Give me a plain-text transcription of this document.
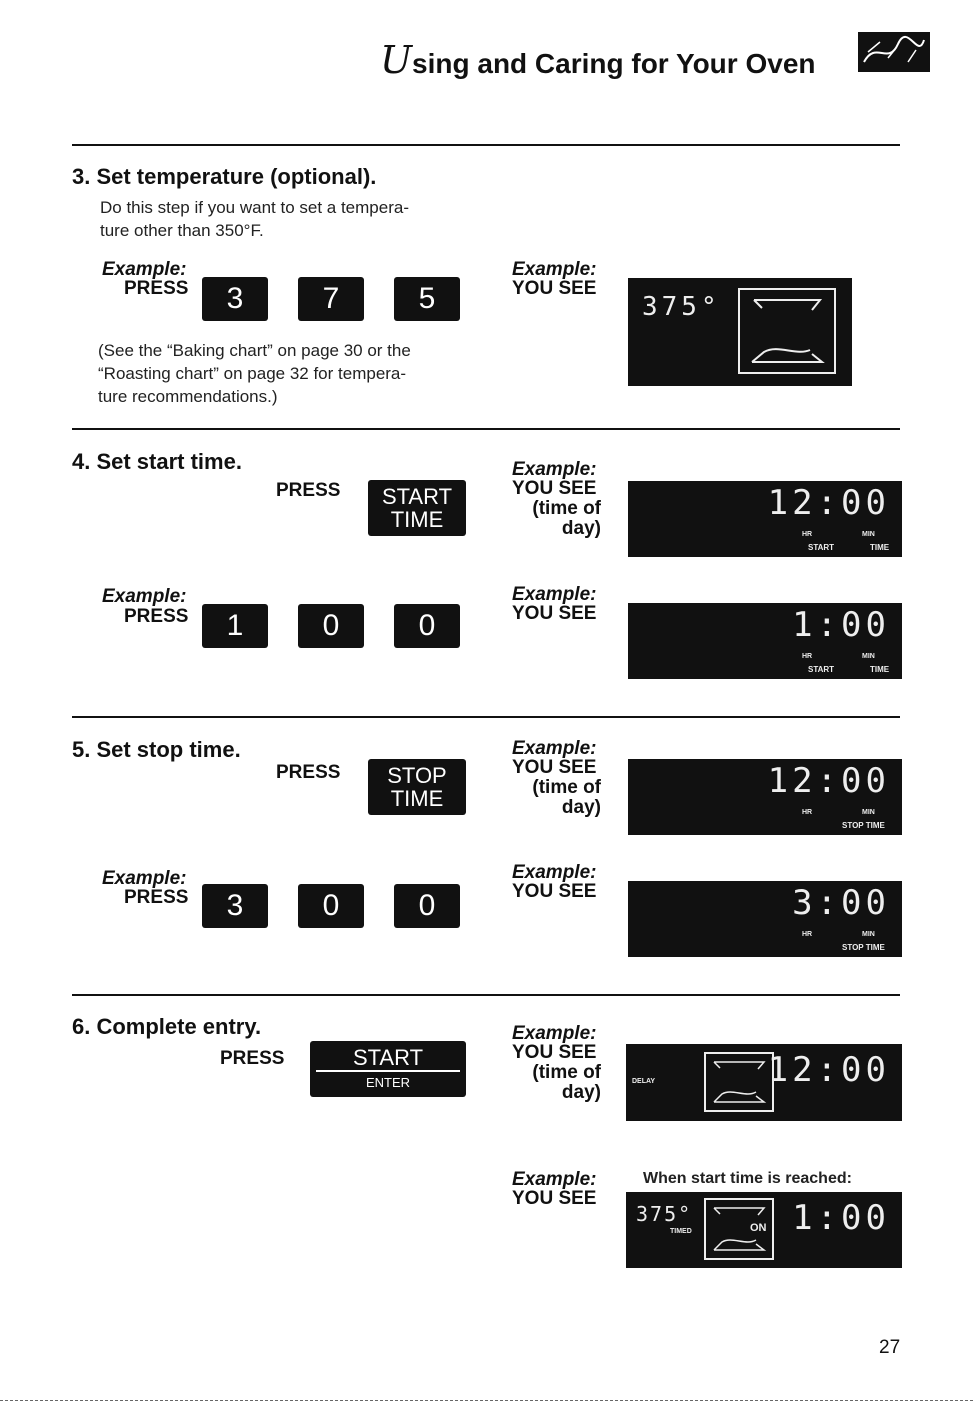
Using and Caring for Your Oven
3. Set temperature (optional).
Do this step if you want to set a tempera-
ture other than 350°F.
Example:
PRESS	3	7	5
(See the “Baking chart” on page 30 or the
“Roasting chart” on page 32 for tempera-
ture recommendations.)
Example:
YOU SEE
375°
4. Set start time.
PRESS START
TIME
Example:
PRESS	1	0	0
Example:
YOU SEE
(time of
day)
12:00
HR	MIN
START	TIME
Example:
YOU SEE	1:00
HR	MIN
START	TIME
5. Set stop time.
PRESS STOP
TIME
Example:
PRESS	3	0	0
Example:
YOU SEE
(time of
day)
12:00
HR	MIN
STOP TIME
Example:
YOU SEE	3:00
HR	MIN
STOP TIME
6. Complete entry.
PRESS	START
ENTER
Example:
YOU SEE
(time of
day)
DELAY	12:00
Example:
YOU SEE
When start time is reached:
375°
TIMED	ON 1:00
27
